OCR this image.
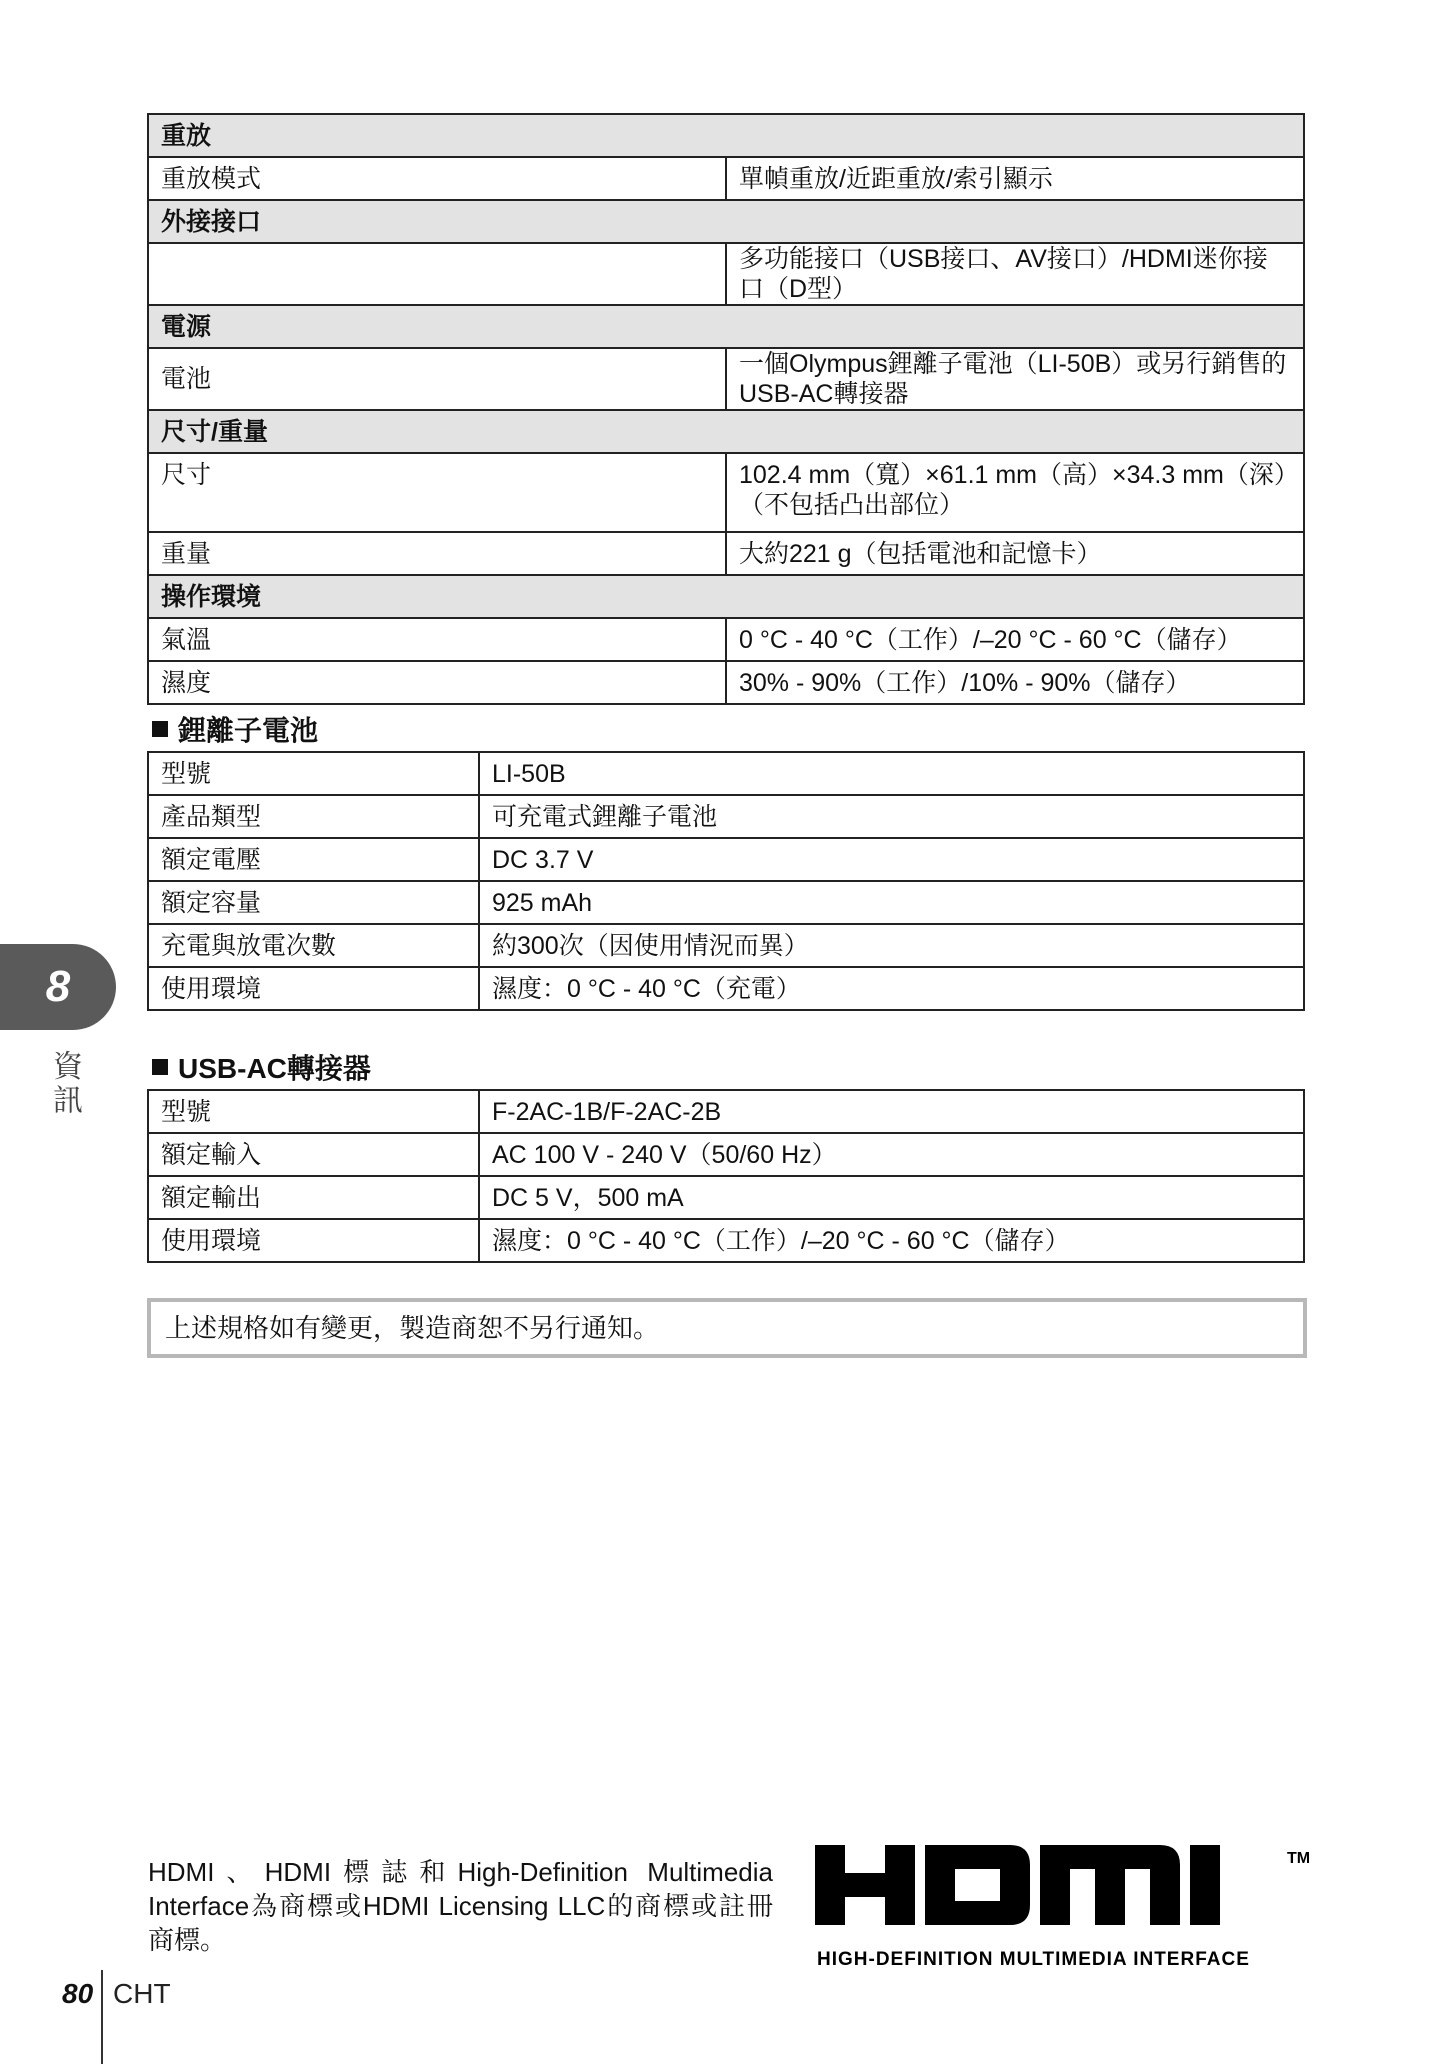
重放	
重放模式	單幀重放/近距重放/索引顯示
外接接口	
	多功能接口（USB接口、AV接口）/HDMI迷你接口（D型）
電源	
電池	一個Olympus鋰離子電池（LI-50B）或另行銷售的USB-AC轉接器
尺寸/重量	
尺寸	102.4 mm（寬）×61.1 mm（高）×34.3 mm（深）
（不包括凸出部位）

重量	大約221 g（包括電池和記憶卡）
操作環境	
氣溫	0 °C - 40 °C（工作）/–20 °C - 60 °C（儲存）
濕度	30% - 90%（工作）/10% - 90%（儲存）
鋰離子電池
型號	LI-50B
產品類型	可充電式鋰離子電池
額定電壓	DC 3.7 V
額定容量	925 mAh
充電與放電次數	約300次（因使用情況而異）
使用環境	濕度：0 °C - 40 °C（充電）
USB-AC轉接器
型號	F-2AC-1B/F-2AC-2B
額定輸入	AC 100 V - 240 V（50/60 Hz）
額定輸出	DC 5 V，500 mA
使用環境	濕度：0 °C - 40 °C（工作）/–20 °C - 60 °C（儲存）
上述規格如有變更，製造商恕不另行通知。
8
資訊
HDMI、HDMI標誌和High-Definition Multimedia Interface為商標或HDMI Licensing LLC的商標或註冊商標。
TM
HIGH-DEFINITION MULTIMEDIA INTERFACE
80 CHT
